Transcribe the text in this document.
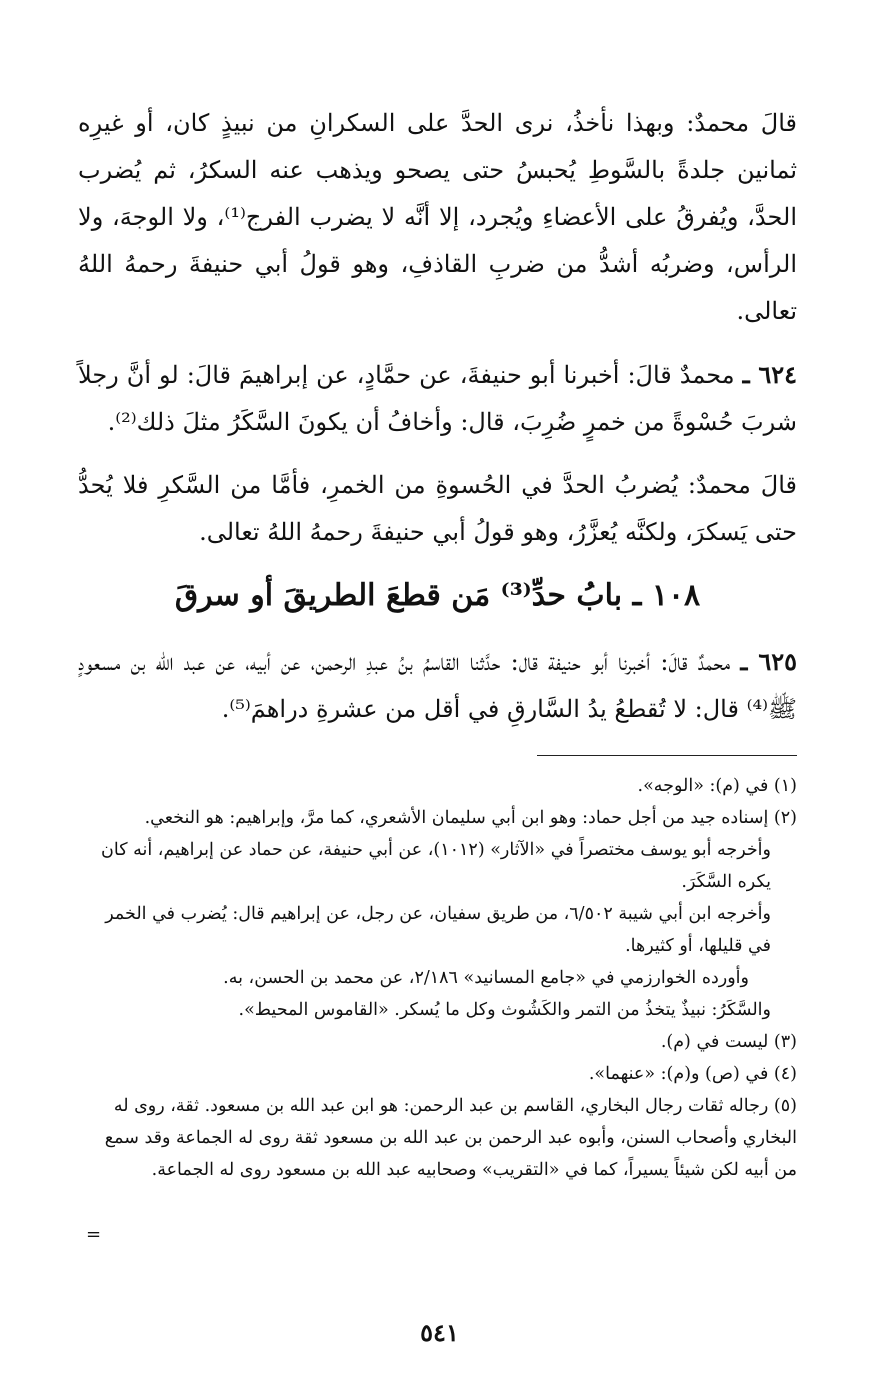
قالَ محمدٌ: وبهذا نأخذُ، نرى الحدَّ على السكرانِ من نبيذٍ كان، أو غيرِه ثمانين جلدةً بالسَّوطِ يُحبسُ حتى يصحو ويذهب عنه السكرُ، ثم يُضرب الحدَّ، ويُفرقُ على الأعضاءِ ويُجرد، إلا أنَّه لا يضرب الفرج⁽¹⁾، ولا الوجهَ، ولا الرأس، وضربُه أشدُّ من ضربِ القاذفِ، وهو قولُ أبي حنيفةَ رحمهُ اللهُ تعالى.

٦٢٤ ـ محمدٌ قالَ: أخبرنا أبو حنيفةَ، عن حمَّادٍ، عن إبراهيمَ قالَ: لو أنَّ رجلاً شربَ حُسْوةً من خمرٍ ضُرِبَ، قال: وأخافُ أن يكونَ السَّكَرُ مثلَ ذلك⁽²⁾.

قالَ محمدٌ: يُضربُ الحدَّ في الحُسوةِ من الخمرِ، فأمَّا من السَّكرِ فلا يُحدُّ حتى يَسكرَ، ولكنَّه يُعزَّرُ، وهو قولُ أبي حنيفةَ رحمهُ اللهُ تعالى.

١٠٨ ـ بابُ حدِّ⁽³⁾ مَن قطعَ الطريقَ أو سرقَ

٦٢٥ ـ محمدٌ قالَ: أخبرنا أبو حنيفة قال: حدَّثنا القاسمُ بنُ عبدِ الرحمن، عن أبيه، عن عبد الله بن مسعودٍ ﷺ⁽⁴⁾ قال: لا تُقطعُ يدُ السَّارقِ في أقل من عشرةِ دراهمَ⁽⁵⁾.

(١) في (م): «الوجه».

(٢) إسناده جيد من أجل حماد: وهو ابن أبي سليمان الأشعري، كما مرَّ، وإبراهيم: هو النخعي.

وأخرجه أبو يوسف مختصراً في «الآثار» (١٠١٢)، عن أبي حنيفة، عن حماد عن إبراهيم، أنه كان يكره السَّكَرَ.

وأخرجه ابن أبي شيبة ٦/٥٠٢، من طريق سفيان، عن رجل، عن إبراهيم قال: يُضرب في الخمر في قليلها، أو كثيرها.

وأورده الخوارزمي في «جامع المسانيد» ٢/١٨٦، عن محمد بن الحسن، به.

والسَّكَرُ: نبيذٌ يتخذُ من التمر والكَشُوث وكل ما يُسكر. «القاموس المحيط».

(٣) ليست في (م).

(٤) في (ص) و(م): «عنهما».

(٥) رجاله ثقات رجال البخاري، القاسم بن عبد الرحمن: هو ابن عبد الله بن مسعود. ثقة، روى له البخاري وأصحاب السنن، وأبوه عبد الرحمن بن عبد الله بن مسعود ثقة روى له الجماعة وقد سمع من أبيه لكن شيئاً يسيراً، كما في «التقريب» وصحابيه عبد الله بن مسعود روى له الجماعة.

=
٥٤١
